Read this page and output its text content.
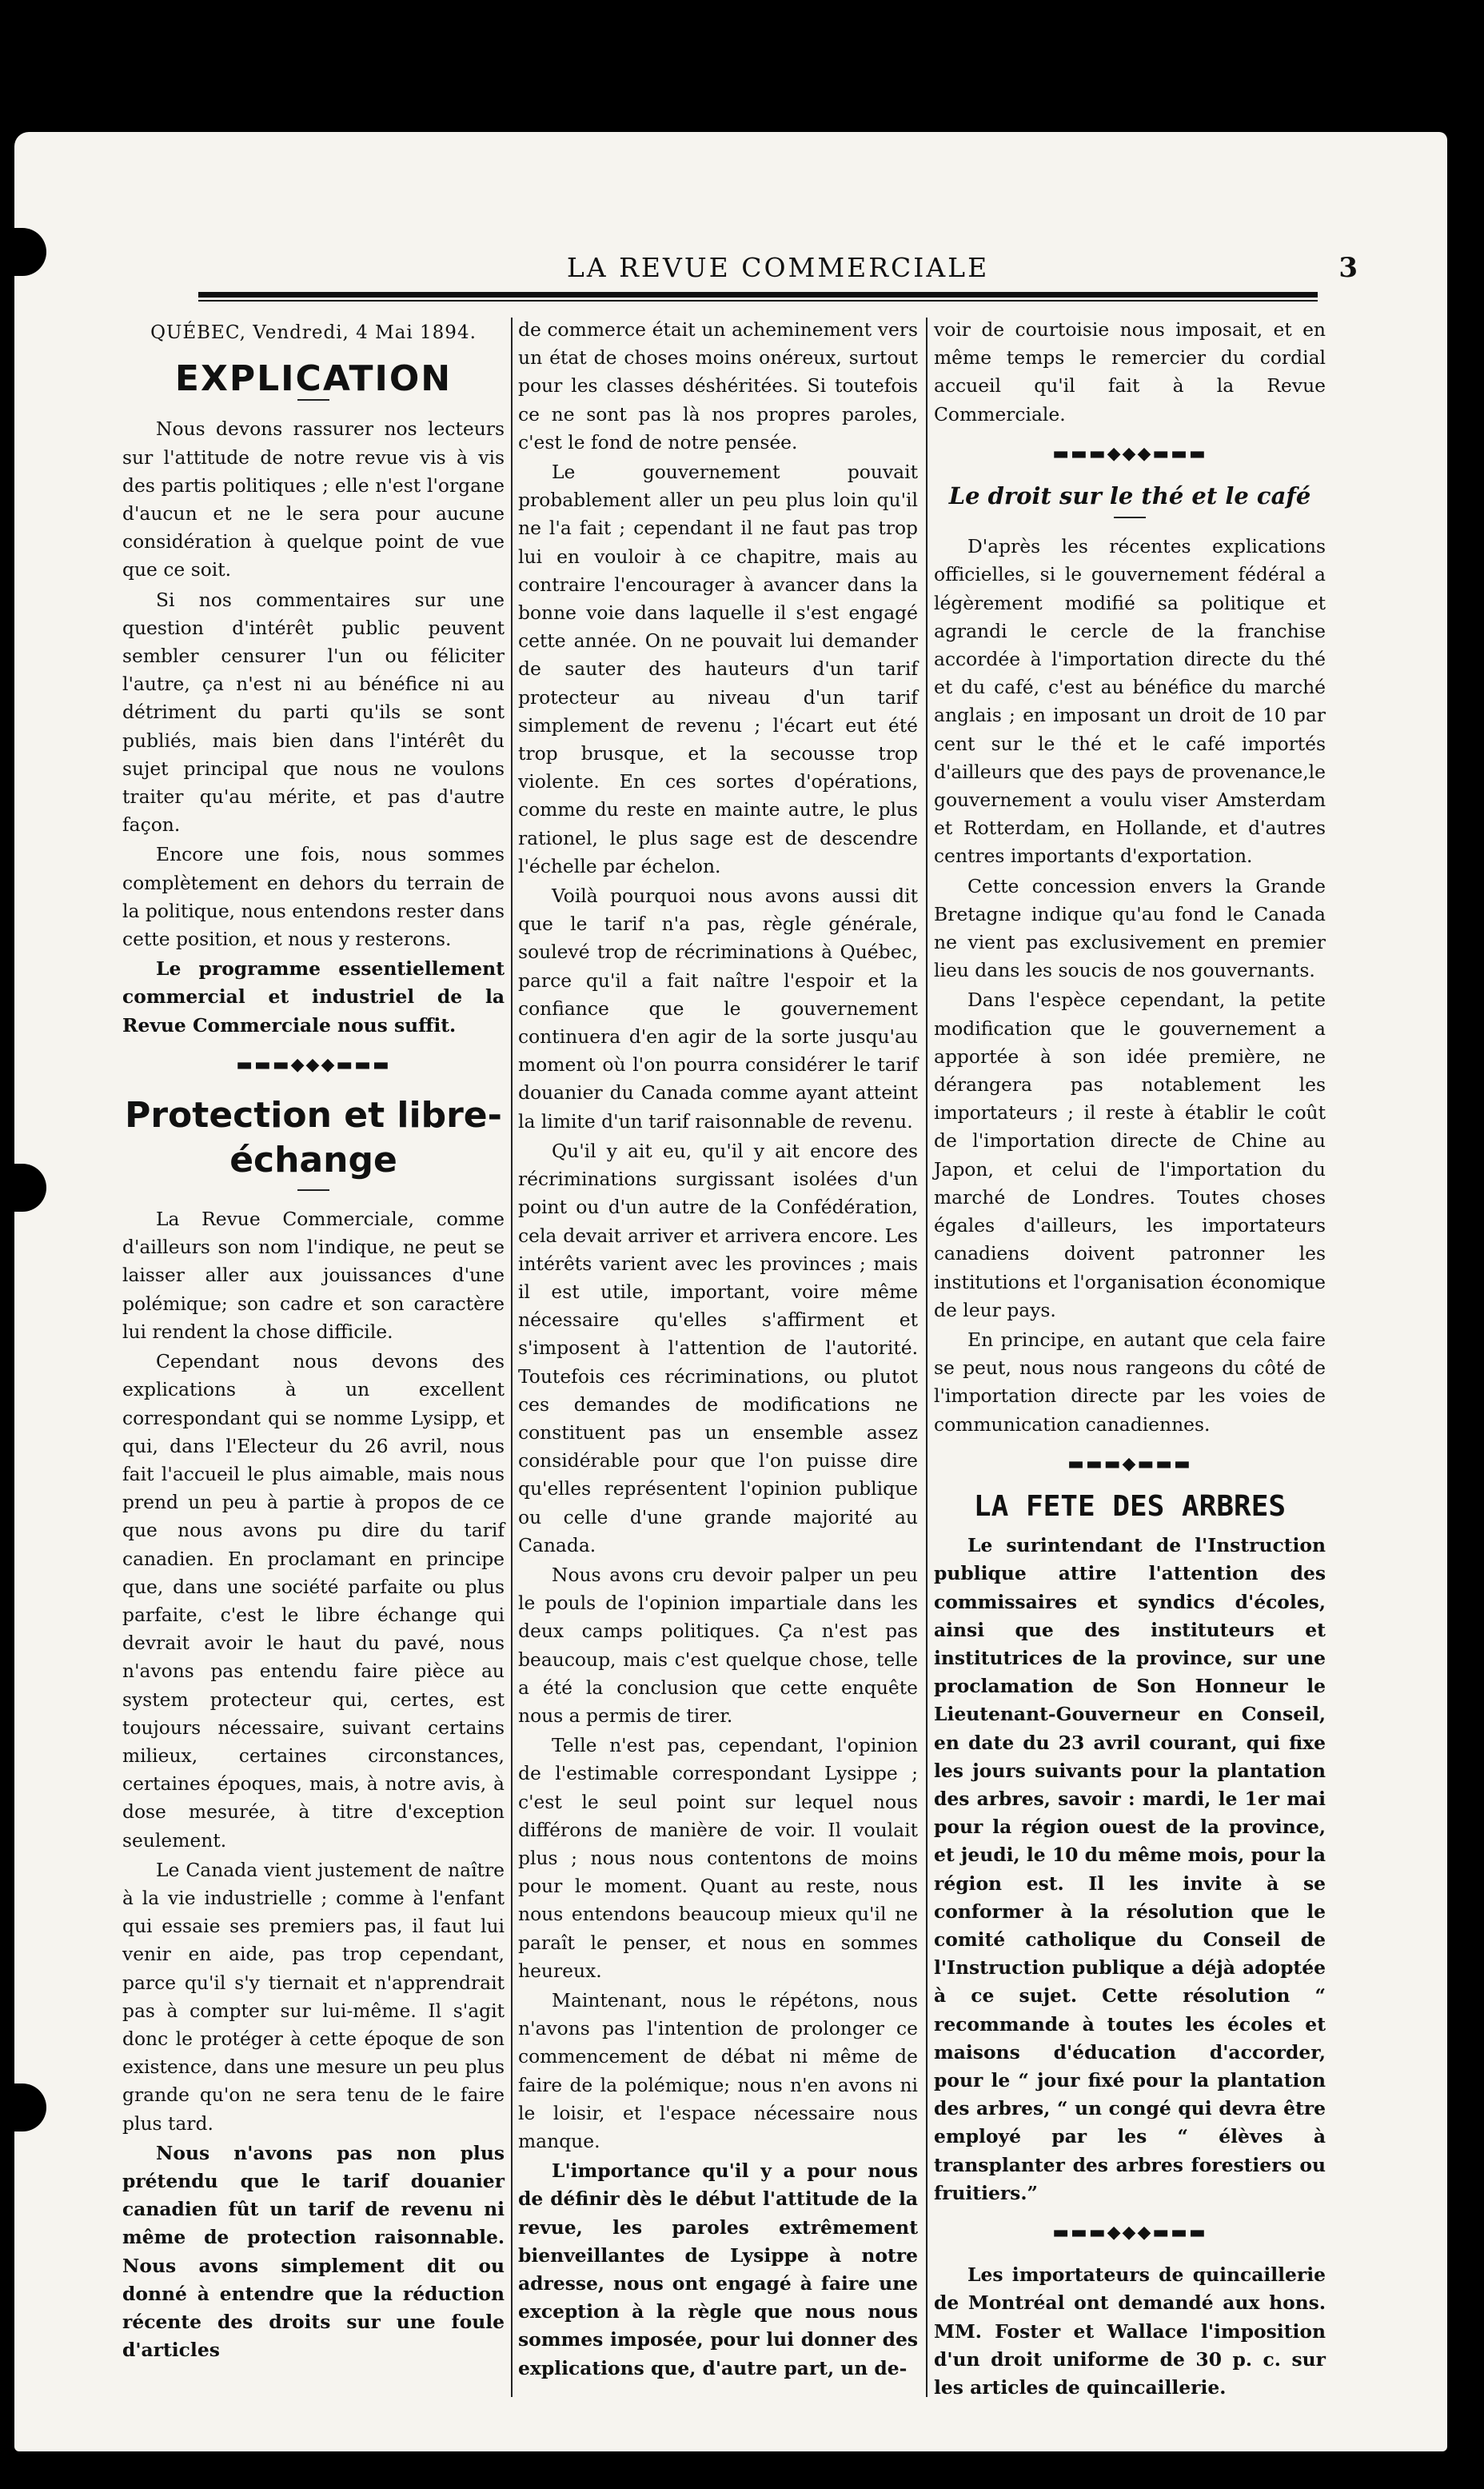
LA REVUE COMMERCIALE	3
QUÉBEC, Vendredi, 4 Mai 1894.
EXPLICATION

Nous devons rassurer nos lecteurs sur l'attitude de notre revue vis à vis des partis politiques ; elle n'est l'organe d'aucun et ne le sera pour aucune considération à quelque point de vue que ce soit.

Si nos commentaires sur une question d'intérêt public peuvent sembler censurer l'un ou féliciter l'autre, ça n'est ni au bénéfice ni au détriment du parti qu'ils se sont publiés, mais bien dans l'intérêt du sujet principal que nous ne voulons traiter qu'au mérite, et pas d'autre façon.

Encore une fois, nous sommes complètement en dehors du terrain de la politique, nous entendons rester dans cette position, et nous y resterons.

Le programme essentiellement commercial et industriel de la Revue Commerciale nous suffit.

▬▬▬◆◆◆▬▬▬
Protection et libre-échange

La Revue Commerciale, comme d'ailleurs son nom l'indique, ne peut se laisser aller aux jouissances d'une polémique; son cadre et son caractère lui rendent la chose difficile.

Cependant nous devons des explications à un excellent correspondant qui se nomme Lysipp, et qui, dans l'Electeur du 26 avril, nous fait l'accueil le plus aimable, mais nous prend un peu à partie à propos de ce que nous avons pu dire du tarif canadien. En proclamant en principe que, dans une société parfaite ou plus parfaite, c'est le libre échange qui devrait avoir le haut du pavé, nous n'avons pas entendu faire pièce au system protecteur qui, certes, est toujours nécessaire, suivant certains milieux, certaines circonstances, certaines époques, mais, à notre avis, à dose mesurée, à titre d'exception seulement.

Le Canada vient justement de naître à la vie industrielle ; comme à l'enfant qui essaie ses premiers pas, il faut lui venir en aide, pas trop cependant, parce qu'il s'y tiernait et n'apprendrait pas à compter sur lui-même. Il s'agit donc le protéger à cette époque de son existence, dans une mesure un peu plus grande qu'on ne sera tenu de le faire plus tard.

Nous n'avons pas non plus prétendu que le tarif douanier canadien fût un tarif de revenu ni même de protection raisonnable. Nous avons simplement dit ou donné à entendre que la réduction récente des droits sur une foule d'articles

de commerce était un acheminement vers un état de choses moins onéreux, surtout pour les classes déshéritées. Si toutefois ce ne sont pas là nos propres paroles, c'est le fond de notre pensée.

Le gouvernement pouvait probablement aller un peu plus loin qu'il ne l'a fait ; cependant il ne faut pas trop lui en vouloir à ce chapitre, mais au contraire l'encourager à avancer dans la bonne voie dans laquelle il s'est engagé cette année. On ne pouvait lui demander de sauter des hauteurs d'un tarif protecteur au niveau d'un tarif simplement de revenu ; l'écart eut été trop brusque, et la secousse trop violente. En ces sortes d'opérations, comme du reste en mainte autre, le plus rationel, le plus sage est de descendre l'échelle par échelon.

Voilà pourquoi nous avons aussi dit que le tarif n'a pas, règle générale, soulevé trop de récriminations à Québec, parce qu'il a fait naître l'espoir et la confiance que le gouvernement continuera d'en agir de la sorte jusqu'au moment où l'on pourra considérer le tarif douanier du Canada comme ayant atteint la limite d'un tarif raisonnable de revenu.

Qu'il y ait eu, qu'il y ait encore des récriminations surgissant isolées d'un point ou d'un autre de la Confédération, cela devait arriver et arrivera encore. Les intérêts varient avec les provinces ; mais il est utile, important, voire même nécessaire qu'elles s'affirment et s'imposent à l'attention de l'autorité. Toutefois ces récriminations, ou plutot ces demandes de modifications ne constituent pas un ensemble assez considérable pour que l'on puisse dire qu'elles représentent l'opinion publique ou celle d'une grande majorité au Canada.

Nous avons cru devoir palper un peu le pouls de l'opinion impartiale dans les deux camps politiques. Ça n'est pas beaucoup, mais c'est quelque chose, telle a été la conclusion que cette enquête nous a permis de tirer.

Telle n'est pas, cependant, l'opinion de l'estimable correspondant Lysippe ; c'est le seul point sur lequel nous différons de manière de voir. Il voulait plus ; nous nous contentons de moins pour le moment. Quant au reste, nous nous entendons beaucoup mieux qu'il ne paraît le penser, et nous en sommes heureux.

Maintenant, nous le répétons, nous n'avons pas l'intention de prolonger ce commencement de débat ni même de faire de la polémique; nous n'en avons ni le loisir, et l'espace nécessaire nous manque.

L'importance qu'il y a pour nous de définir dès le début l'attitude de la revue, les paroles extrêmement bienveillantes de Lysippe à notre adresse, nous ont engagé à faire une exception à la règle que nous nous sommes imposée, pour lui donner des explications que, d'autre part, un de-

voir de courtoisie nous imposait, et en même temps le remercier du cordial accueil qu'il fait à la Revue Commerciale.

▬▬▬◆◆◆▬▬▬
Le droit sur le thé et le café

D'après les récentes explications officielles, si le gouvernement fédéral a légèrement modifié sa politique et agrandi le cercle de la franchise accordée à l'importation directe du thé et du café, c'est au bénéfice du marché anglais ; en imposant un droit de 10 par cent sur le thé et le café importés d'ailleurs que des pays de provenance,le gouvernement a voulu viser Amsterdam et Rotterdam, en Hollande, et d'autres centres importants d'exportation.

Cette concession envers la Grande Bretagne indique qu'au fond le Canada ne vient pas exclusivement en premier lieu dans les soucis de nos gouvernants.

Dans l'espèce cependant, la petite modification que le gouvernement a apportée à son idée première, ne dérangera pas notablement les importateurs ; il reste à établir le coût de l'importation directe de Chine au Japon, et celui de l'importation du marché de Londres. Toutes choses égales d'ailleurs, les importateurs canadiens doivent patronner les institutions et l'organisation économique de leur pays.

En principe, en autant que cela faire se peut, nous nous rangeons du côté de l'importation directe par les voies de communication canadiennes.

▬▬▬◆▬▬▬
LA FETE DES ARBRES

Le surintendant de l'Instruction publique attire l'attention des commissaires et syndics d'écoles, ainsi que des instituteurs et institutrices de la province, sur une proclamation de Son Honneur le Lieutenant-Gouverneur en Conseil, en date du 23 avril courant, qui fixe les jours suivants pour la plantation des arbres, savoir : mardi, le 1er mai pour la région ouest de la province, et jeudi, le 10 du même mois, pour la région est. Il les invite à se conformer à la résolution que le comité catholique du Conseil de l'Instruction publique a déjà adoptée à ce sujet. Cette résolution “ recommande à toutes les écoles et maisons d'éducation d'accorder, pour le “ jour fixé pour la plantation des arbres, “ un congé qui devra être employé par les “ élèves à transplanter des arbres forestiers ou fruitiers.”

▬▬▬◆◆◆▬▬▬

Les importateurs de quincaillerie de Montréal ont demandé aux hons. MM. Foster et Wallace l'imposition d'un droit uniforme de 30 p. c. sur les articles de quincaillerie.
